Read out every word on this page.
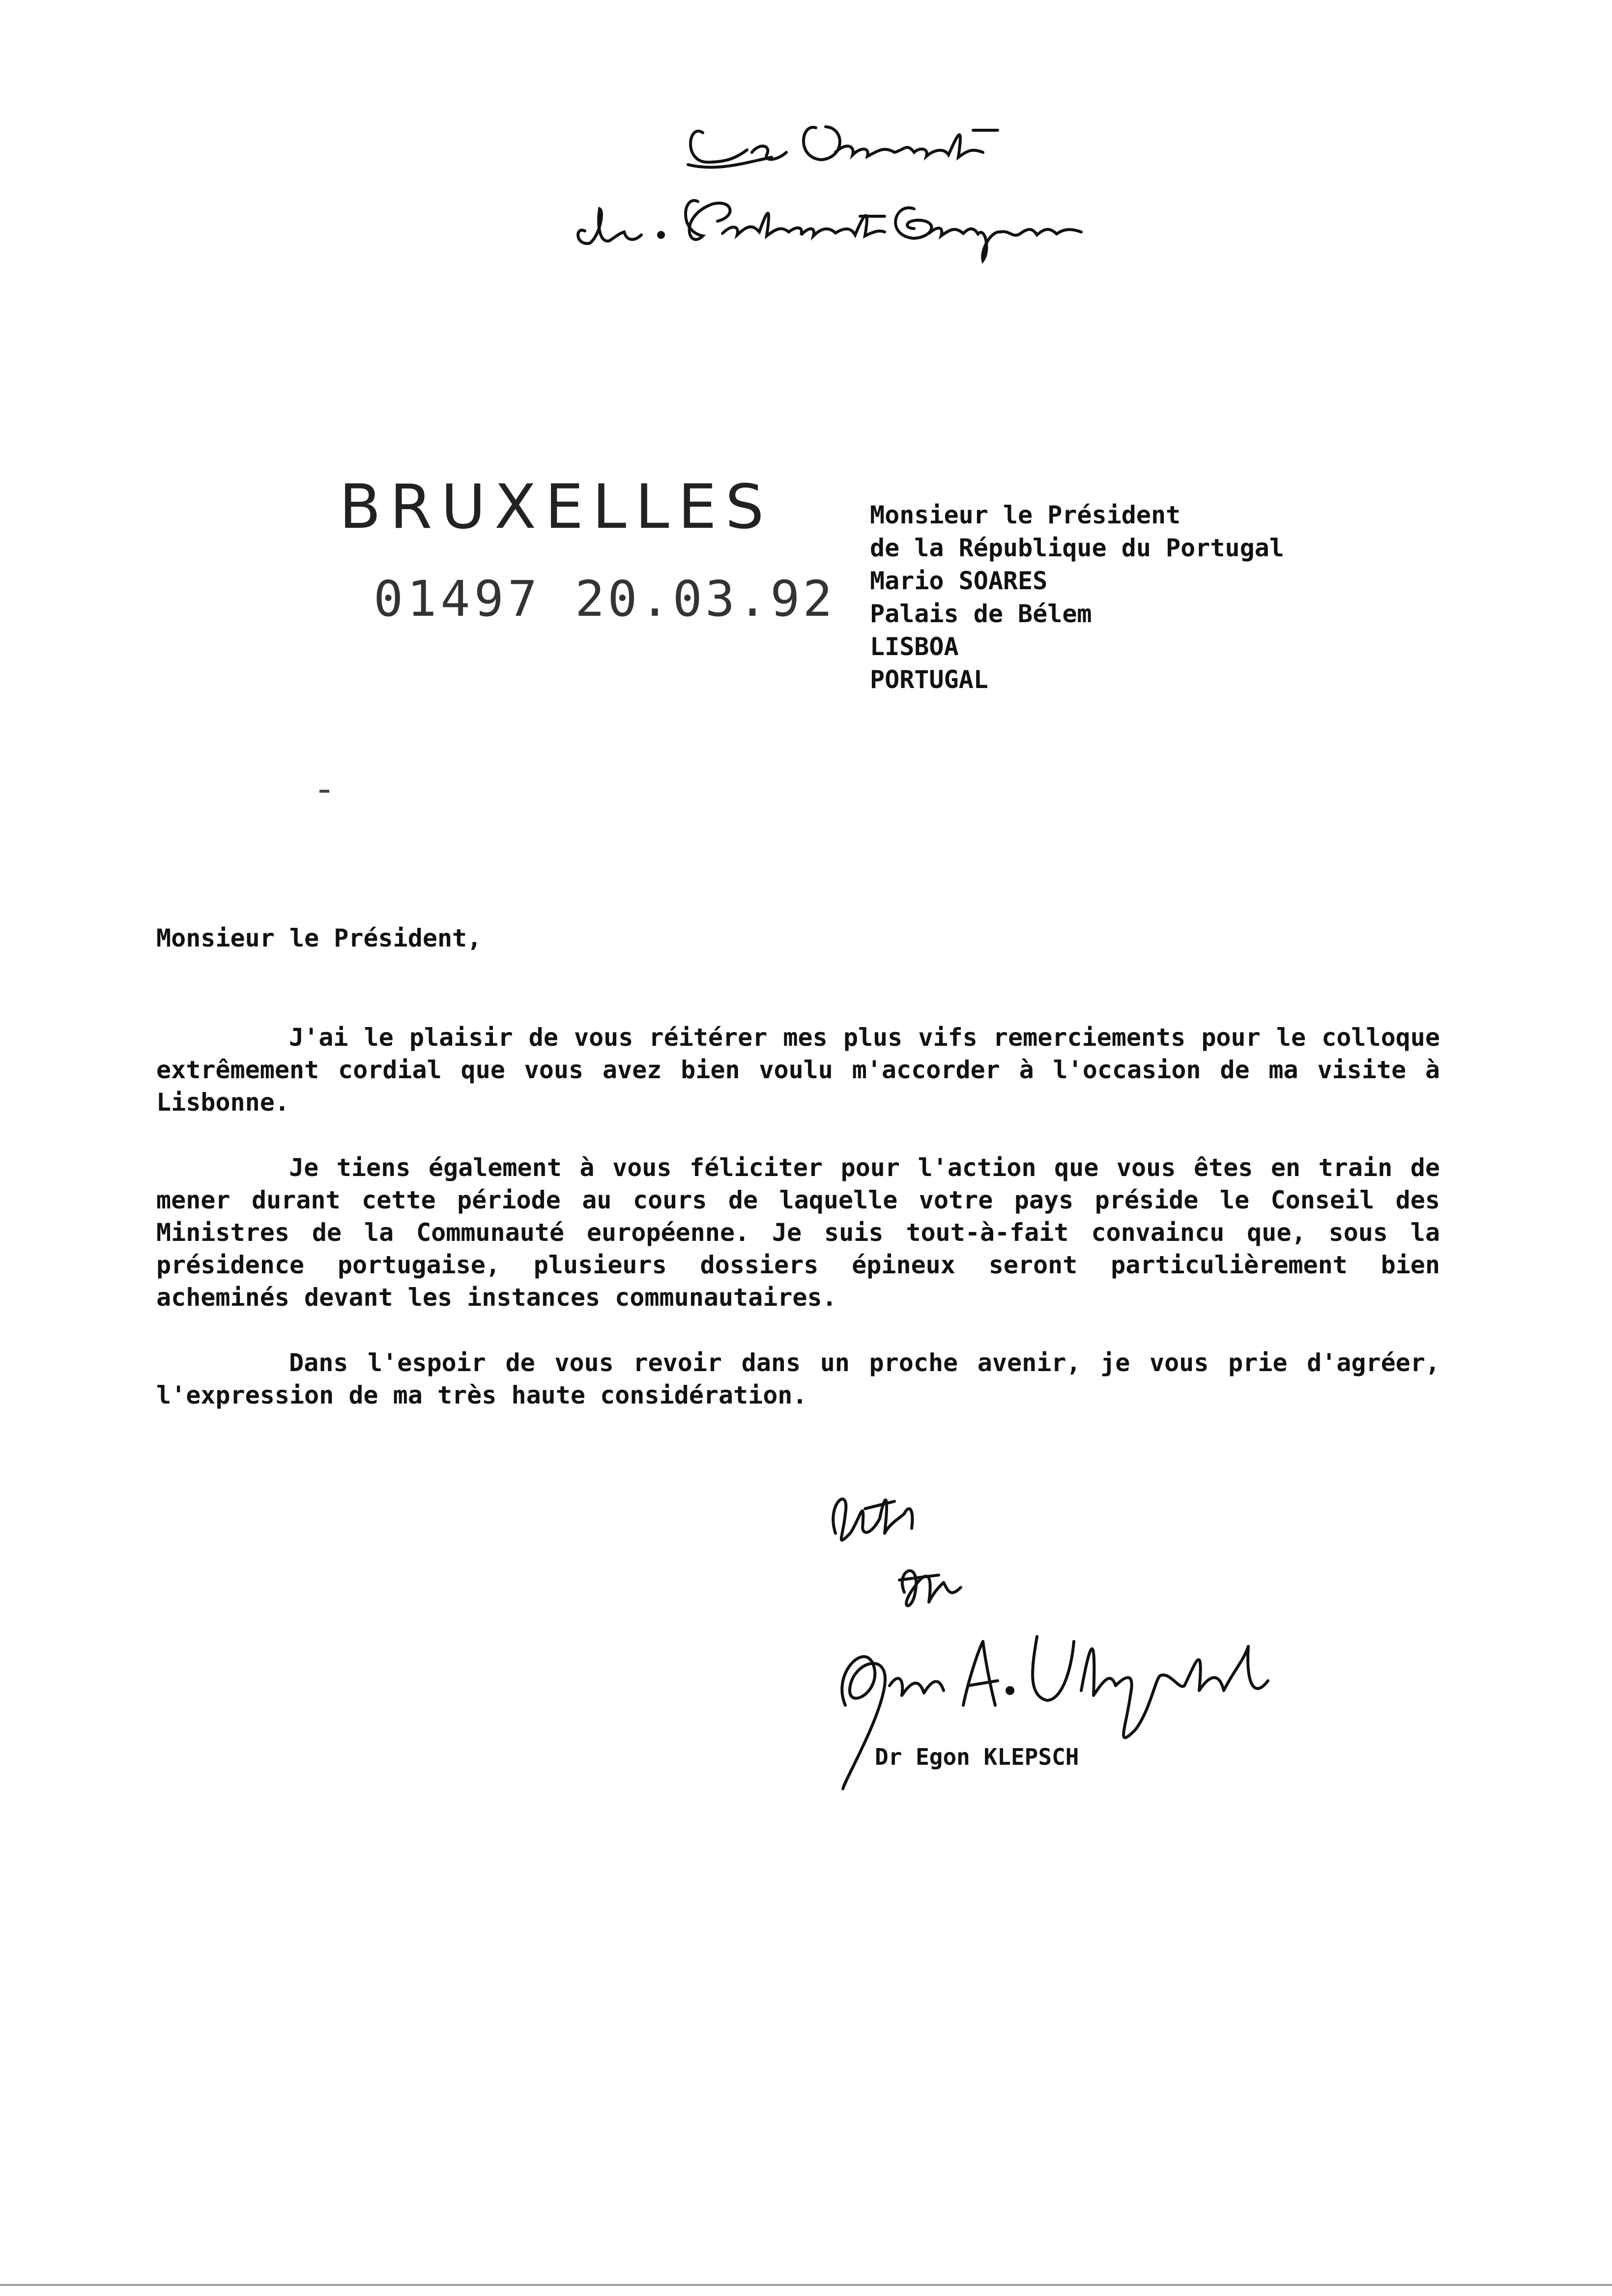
BRUXELLES
01497 20.03.92
Monsieur le Président
de la République du Portugal
Mario SOARES
Palais de Bélem
LISBOA
PORTUGAL
Monsieur le Président,

J'ai le plaisir de vous réitérer mes plus vifs remerciements pour le colloque extrêmement cordial que vous avez bien voulu m'accorder à l'occasion de ma visite à Lisbonne.

Je tiens également à vous féliciter pour l'action que vous êtes en train de mener durant cette période au cours de laquelle votre pays préside le Conseil des Ministres de la Communauté européenne. Je suis tout-à-fait convaincu que, sous la présidence portugaise, plusieurs dossiers épineux seront particulièrement bien acheminés devant les instances communautaires.

Dans l'espoir de vous revoir dans un proche avenir, je vous prie d'agréer, l'expression de ma très haute considération.

Dr Egon KLEPSCH
